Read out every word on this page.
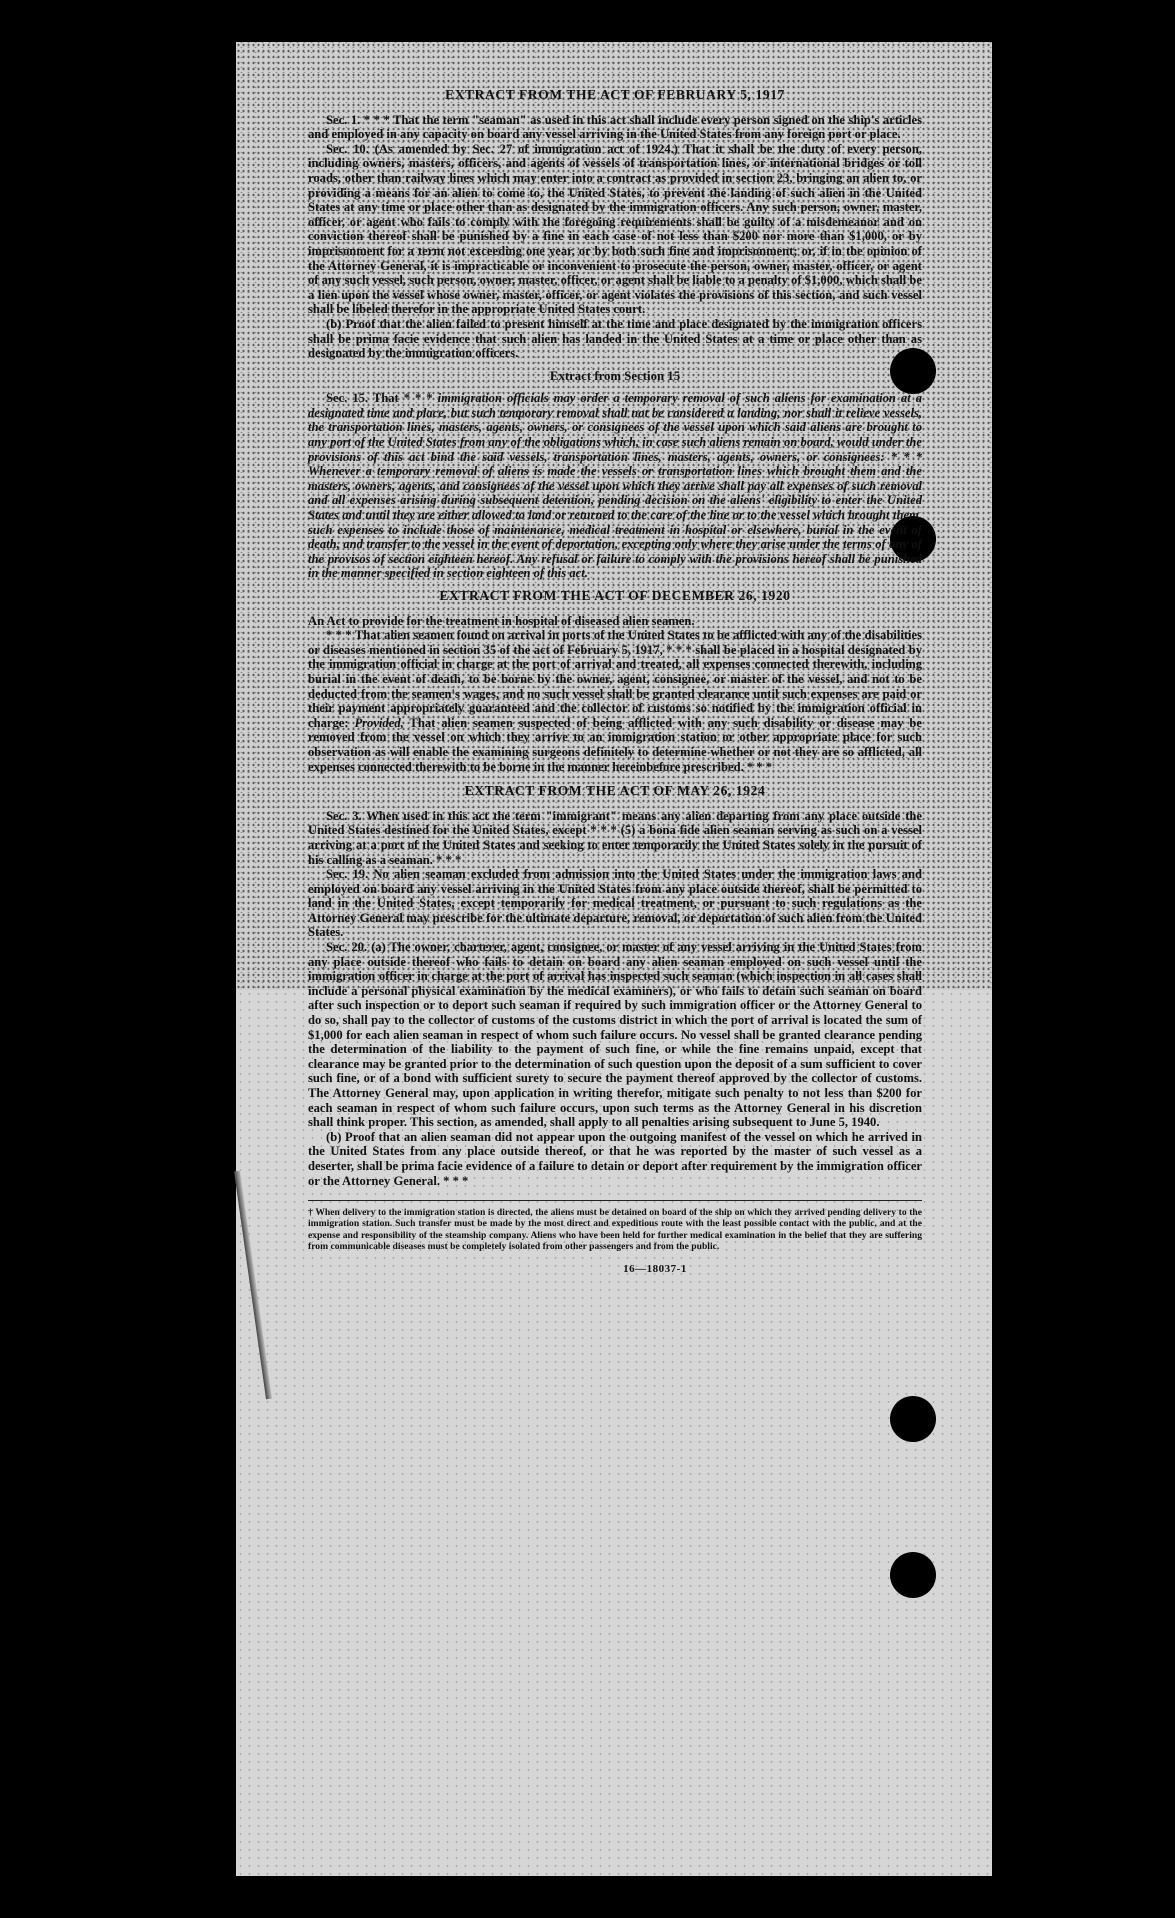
EXTRACT FROM THE ACT OF FEBRUARY 5, 1917

Sec. 1. * * * That the term "seaman" as used in this act shall include every person signed on the ship's articles and employed in any capacity on board any vessel arriving in the United States from any foreign port or place.

Sec. 10. (As amended by Sec. 27 of immigration act of 1924.) That it shall be the duty of every person, including owners, masters, officers, and agents of vessels of transportation lines, or international bridges or toll roads, other than railway lines which may enter into a contract as provided in section 23, bringing an alien to, or providing a means for an alien to come to, the United States, to prevent the landing of such alien in the United States at any time or place other than as designated by the immigration officers. Any such person, owner, master, officer, or agent who fails to comply with the foregoing requirements shall be guilty of a misdemeanor and on conviction thereof shall be punished by a fine in each case of not less than $200 nor more than $1,000, or by imprisonment for a term not exceeding one year, or by both such fine and imprisonment; or, if in the opinion of the Attorney General, it is impracticable or inconvenient to prosecute the person, owner, master, officer, or agent of any such vessel, such person, owner, master, officer, or agent shall be liable to a penalty of $1,000, which shall be a lien upon the vessel whose owner, master, officer, or agent violates the provisions of this section, and such vessel shall be libeled therefor in the appropriate United States court.

(b) Proof that the alien failed to present himself at the time and place designated by the immigration officers shall be prima facie evidence that such alien has landed in the United States at a time or place other than as designated by the immigration officers.

Extract from Section 15

Sec. 15. That * * * immigration officials may order a temporary removal of such aliens for examination at a designated time and place, but such temporary removal shall not be considered a landing, nor shall it relieve vessels, the transportation lines, masters, agents, owners, or consignees of the vessel upon which said aliens are brought to any port of the United States from any of the obligations which, in case such aliens remain on board, would under the provisions of this act bind the said vessels, transportation lines, masters, agents, owners, or consignees: * * * Whenever a temporary removal of aliens is made the vessels or transportation lines which brought them and the masters, owners, agents, and consignees of the vessel upon which they arrive shall pay all expenses of such removal and all expenses arising during subsequent detention, pending decision on the aliens' eligibility to enter the United States and until they are either allowed to land or returned to the care of the line or to the vessel which brought them, such expenses to include those of maintenance, medical treatment in hospital or elsewhere, burial in the event of death, and transfer to the vessel in the event of deportation, excepting only where they arise under the terms of any of the provisos of section eighteen hereof. Any refusal or failure to comply with the provisions hereof shall be punished in the manner specified in section eighteen of this act.

EXTRACT FROM THE ACT OF DECEMBER 26, 1920

An Act to provide for the treatment in hospital of diseased alien seamen.

* * * That alien seamen found on arrival in ports of the United States to be afflicted with any of the disabilities or diseases mentioned in section 35 of the act of February 5, 1917, * * * shall be placed in a hospital designated by the immigration official in charge at the port of arrival and treated, all expenses connected therewith, including burial in the event of death, to be borne by the owner, agent, consignee, or master of the vessel, and not to be deducted from the seamen's wages, and no such vessel shall be granted clearance until such expenses are paid or their payment appropriately guaranteed and the collector of customs so notified by the immigration official in charge: Provided, That alien seamen suspected of being afflicted with any such disability or disease may be removed from the vessel on which they arrive to an immigration station or other appropriate place for such observation as will enable the examining surgeons definitely to determine whether or not they are so afflicted, all expenses connected therewith to be borne in the manner hereinbefore prescribed. * * *

EXTRACT FROM THE ACT OF MAY 26, 1924

Sec. 3. When used in this act the term "immigrant" means any alien departing from any place outside the United States destined for the United States, except * * * (5) a bona fide alien seaman serving as such on a vessel arriving at a port of the United States and seeking to enter temporarily the United States solely in the pursuit of his calling as a seaman. * * *

Sec. 19. No alien seaman excluded from admission into the United States under the immigration laws and employed on board any vessel arriving in the United States from any place outside thereof, shall be permitted to land in the United States, except temporarily for medical treatment, or pursuant to such regulations as the Attorney General may prescribe for the ultimate departure, removal, or deportation of such alien from the United States.

Sec. 20. (a) The owner, charterer, agent, consignee, or master of any vessel arriving in the United States from any place outside thereof who fails to detain on board any alien seaman employed on such vessel until the immigration officer in charge at the port of arrival has inspected such seaman (which inspection in all cases shall include a personal physical examination by the medical examiners), or who fails to detain such seaman on board after such inspection or to deport such seaman if required by such immigration officer or the Attorney General to do so, shall pay to the collector of customs of the customs district in which the port of arrival is located the sum of $1,000 for each alien seaman in respect of whom such failure occurs. No vessel shall be granted clearance pending the determination of the liability to the payment of such fine, or while the fine remains unpaid, except that clearance may be granted prior to the determination of such question upon the deposit of a sum sufficient to cover such fine, or of a bond with sufficient surety to secure the payment thereof approved by the collector of customs. The Attorney General may, upon application in writing therefor, mitigate such penalty to not less than $200 for each seaman in respect of whom such failure occurs, upon such terms as the Attorney General in his discretion shall think proper. This section, as amended, shall apply to all penalties arising subsequent to June 5, 1940.

(b) Proof that an alien seaman did not appear upon the outgoing manifest of the vessel on which he arrived in the United States from any place outside thereof, or that he was reported by the master of such vessel as a deserter, shall be prima facie evidence of a failure to detain or deport after requirement by the immigration officer or the Attorney General. * * *

† When delivery to the immigration station is directed, the aliens must be detained on board of the ship on which they arrived pending delivery to the immigration station. Such transfer must be made by the most direct and expeditious route with the least possible contact with the public, and at the expense and responsibility of the steamship company. Aliens who have been held for further medical examination in the belief that they are suffering from communicable diseases must be completely isolated from other passengers and from the public.
16—18037-1
